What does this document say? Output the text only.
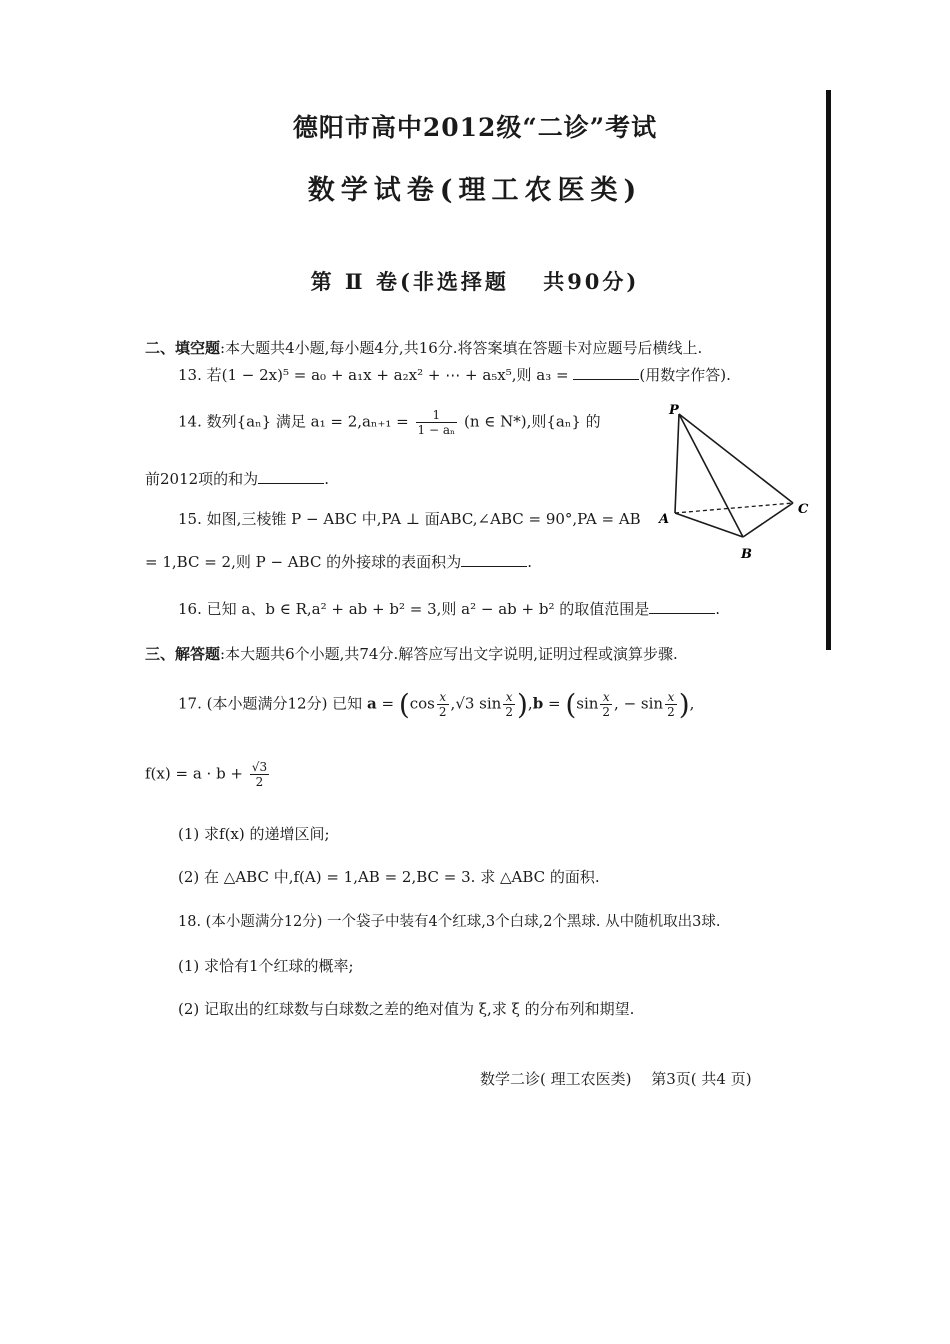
德阳市高中2012级“二诊”考试
数学试卷(理工农医类)
第 Ⅱ 卷(非选择题　 共90分)
二、填空题:本大题共4小题,每小题4分,共16分.将答案填在答题卡对应题号后横线上.
13. 若(1 − 2x)⁵ = a₀ + a₁x + a₂x² + ⋯ + a₅x⁵,则 a₃ =	(用数字作答).
14. 数列{aₙ} 满足 $a_1 = 2,a_{n+1} = \frac{1}{\text{1 − aₙ}} (n$ ∈ N*),则{aₙ} 的
前2012项的和为	.
15. 如图,三棱锥 P − ABC 中,PA ⊥ 面ABC,∠ABC = 90°,PA = AB
= 1,BC = 2,则 P − ABC 的外接球的表面积为	.
P
A
B
C
16. 已知 a、b ∈ R,a² + ab + b² = 3,则 a² − ab + b² 的取值范围是	.
三、解答题:本大题共6个小题,共74分.解答应写出文字说明,证明过程或演算步骤.
17. (本小题满分12分) 已知 $a = (\cos \frac{x}{2} ,√3$ $\sin \frac{x}{2} ),b = (\sin \frac{x}{2}$ , − $\sin \frac{x}{2}$ ),
$f(x) = a \cdot b + \frac{√3}{2}$
(1) 求f(x) 的递增区间;
(2) 在 △ABC 中,f(A) = 1,AB = 2,BC = 3. 求 △ABC 的面积.
18. (本小题满分12分) 一个袋子中装有4个红球,3个白球,2个黑球. 从中随机取出3球.
(1) 求恰有1个红球的概率;
(2) 记取出的红球数与白球数之差的绝对值为 ξ,求 ξ 的分布列和期望.
数学二诊( 理工农医类)　 第3页( 共4 页)
